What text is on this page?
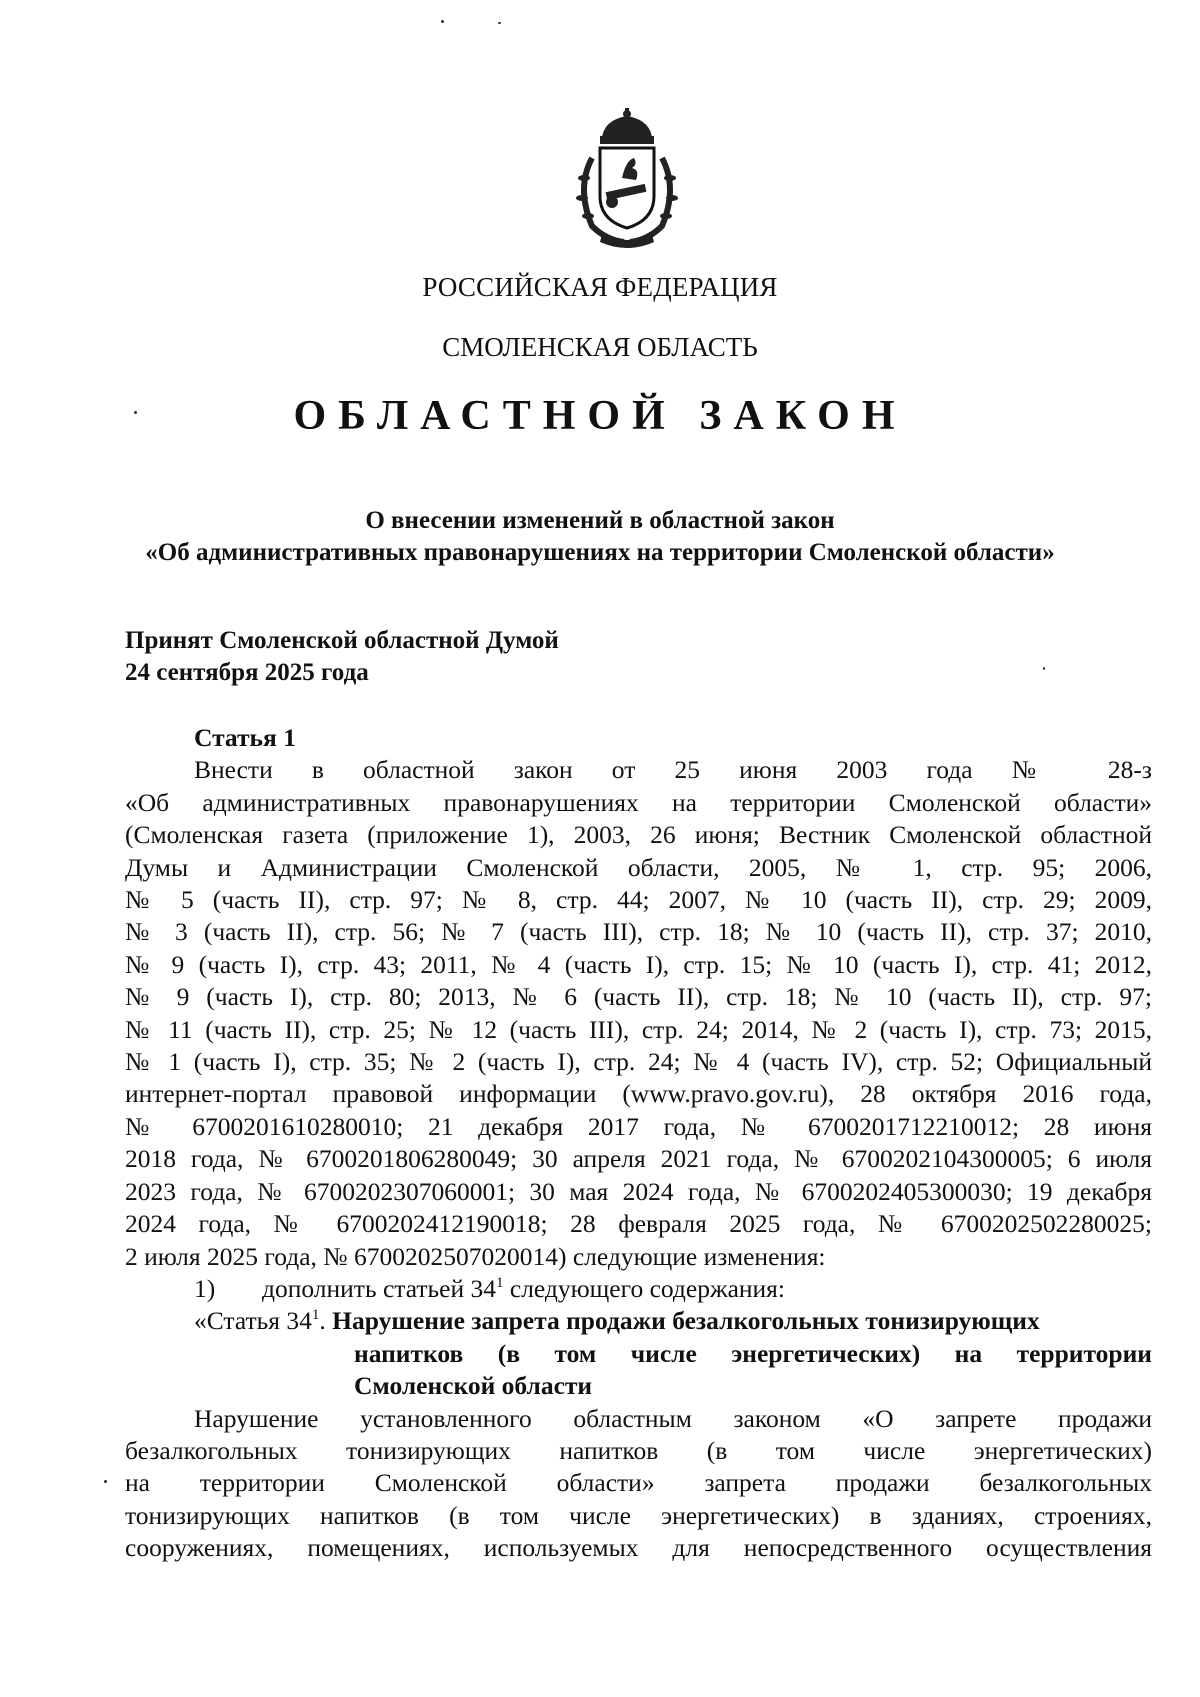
РОССИЙСКАЯ ФЕДЕРАЦИЯ
СМОЛЕНСКАЯ ОБЛАСТЬ
ОБЛАСТНОЙ ЗАКОН
О внесении изменений в областной закон
«Об административных правонарушениях на территории Смоленской области»
Принят Смоленской областной Думой
24 сентября 2025 года

Статья 1

Внести в областной закон от 25 июня 2003 года № 28-з

«Об административных правонарушениях на территории Смоленской области»

(Смоленская газета (приложение 1), 2003, 26 июня; Вестник Смоленской областной

Думы и Администрации Смоленской области, 2005, № 1, стр. 95; 2006,

№ 5 (часть II), стр. 97; № 8, стр. 44; 2007, № 10 (часть II), стр. 29; 2009,

№ 3 (часть II), стр. 56; № 7 (часть III), стр. 18; № 10 (часть II), стр. 37; 2010,

№ 9 (часть I), стр. 43; 2011, № 4 (часть I), стр. 15; № 10 (часть I), стр. 41; 2012,

№ 9 (часть I), стр. 80; 2013, № 6 (часть II), стр. 18; № 10 (часть II), стр. 97;

№ 11 (часть II), стр. 25; № 12 (часть III), стр. 24; 2014, № 2 (часть I), стр. 73; 2015,

№ 1 (часть I), стр. 35; № 2 (часть I), стр. 24; № 4 (часть IV), стр. 52; Официальный

интернет-портал правовой информации (www.pravo.gov.ru), 28 октября 2016 года,

№ 6700201610280010; 21 декабря 2017 года, № 6700201712210012; 28 июня

2018 года, № 6700201806280049; 30 апреля 2021 года, № 6700202104300005; 6 июля

2023 года, № 6700202307060001; 30 мая 2024 года, № 6700202405300030; 19 декабря

2024 года, № 6700202412190018; 28 февраля 2025 года, № 6700202502280025;

2 июля 2025 года, № 6700202507020014) следующие изменения:

1) дополнить статьей $34^1$ следующего содержания:

«Статья $34^1$. Нарушение запрета продажи безалкогольных тонизирующих

напитков (в том числе энергетических) на территории

Смоленской области

Нарушение установленного областным законом «О запрете продажи

безалкогольных тонизирующих напитков (в том числе энергетических)

на территории Смоленской области» запрета продажи безалкогольных

тонизирующих напитков (в том числе энергетических) в зданиях, строениях,

сооружениях, помещениях, используемых для непосредственного осуществления
